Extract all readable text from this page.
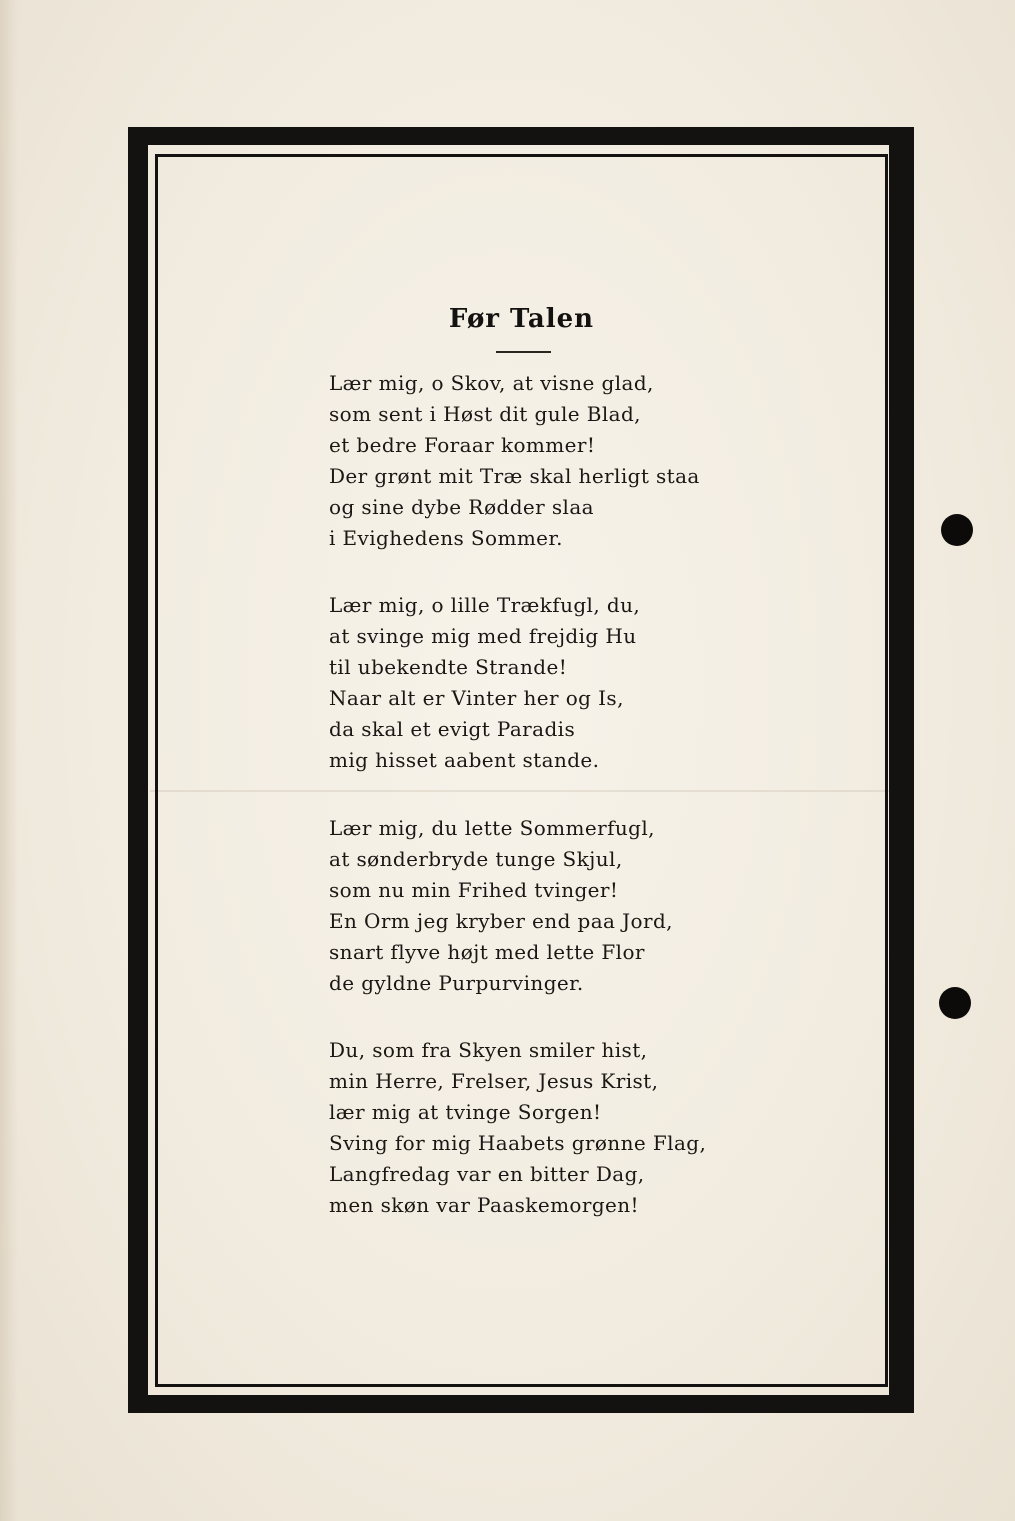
Før Talen
Lær mig, o Skov, at visne glad,
som sent i Høst dit gule Blad,
et bedre Foraar kommer!
Der grønt mit Træ skal herligt staa
og sine dybe Rødder slaa
i Evighedens Sommer.
Lær mig, o lille Trækfugl, du,
at svinge mig med frejdig Hu
til ubekendte Strande!
Naar alt er Vinter her og Is,
da skal et evigt Paradis
mig hisset aabent stande.
Lær mig, du lette Sommerfugl,
at sønderbryde tunge Skjul,
som nu min Frihed tvinger!
En Orm jeg kryber end paa Jord,
snart flyve højt med lette Flor
de gyldne Purpurvinger.
Du, som fra Skyen smiler hist,
min Herre, Frelser, Jesus Krist,
lær mig at tvinge Sorgen!
Sving for mig Haabets grønne Flag,
Langfredag var en bitter Dag,
men skøn var Paaskemorgen!
